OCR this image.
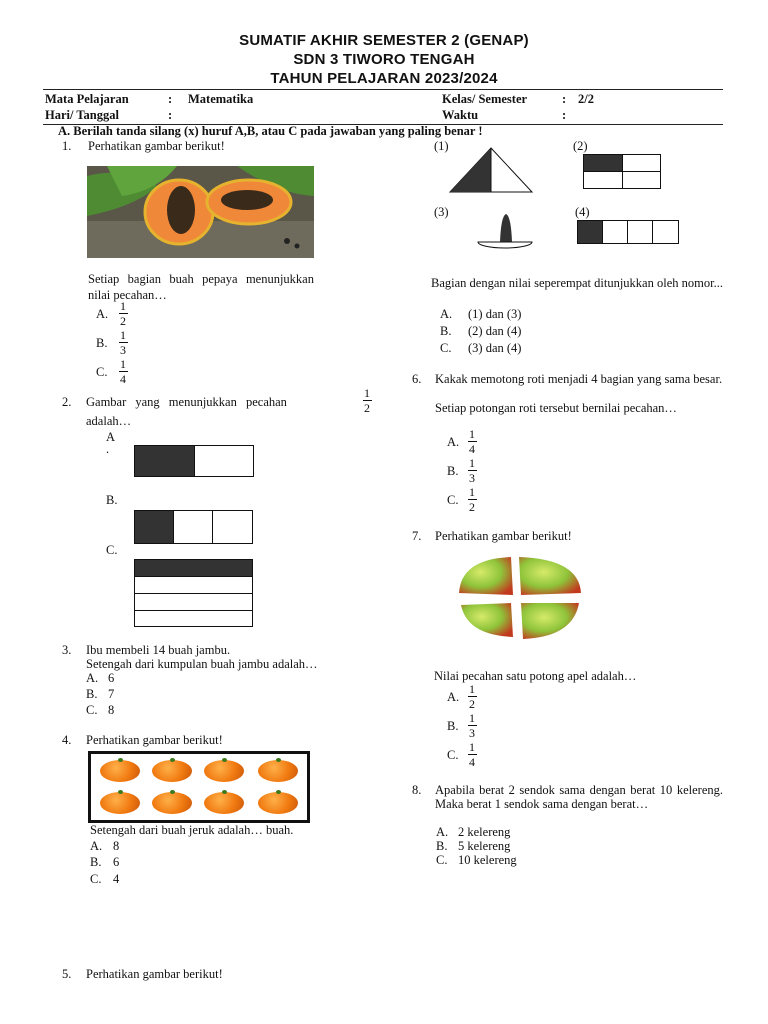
SUMATIF AKHIR SEMESTER 2 (GENAP)
SDN 3 TIWORO TENGAH
TAHUN PELAJARAN 2023/2024
Mata Pelajaran	: Matematika	Kelas/ Semester	: 2/2
Hari/ Tanggal	:	Waktu	:
A. Berilah tanda silang (x) huruf A,B, atau C pada jawaban yang paling benar !
1. Perhatikan gambar berikut!
Setiap bagian buah pepaya menunjukkan nilai pecahan…
A.
1
2
B.
1
3
C.
1
4
2. Gambar yang menunjukkan pecahan
1
2
adalah…
A
.
B.
C.
3. Ibu membeli 14 buah jambu.
Setengah dari kumpulan buah jambu adalah…
A. 6
B. 7
C. 8
4. Perhatikan gambar berikut!
Setengah dari buah jeruk adalah… buah.
A. 8
B. 6
C. 4
5. Perhatikan gambar berikut!
(1)	(2)
(3)	(4)
Bagian dengan nilai seperempat ditunjukkan oleh nomor...
A. (1) dan (3)
B. (2) dan (4)
C. (3) dan (4)
6. Kakak memotong roti menjadi 4 bagian yang sama besar.
Setiap potongan roti tersebut bernilai pecahan…
A.
1
4
B.
1
3
C.
1
2
7. Perhatikan gambar berikut!
Nilai pecahan satu potong apel adalah…
A.
1
2
B.
1
3
C.
1
4
8. Apabila berat 2 sendok sama dengan berat 10 kelereng. Maka berat 1 sendok sama dengan berat…
A. 2 kelereng
B. 5 kelereng
C. 10 kelereng
